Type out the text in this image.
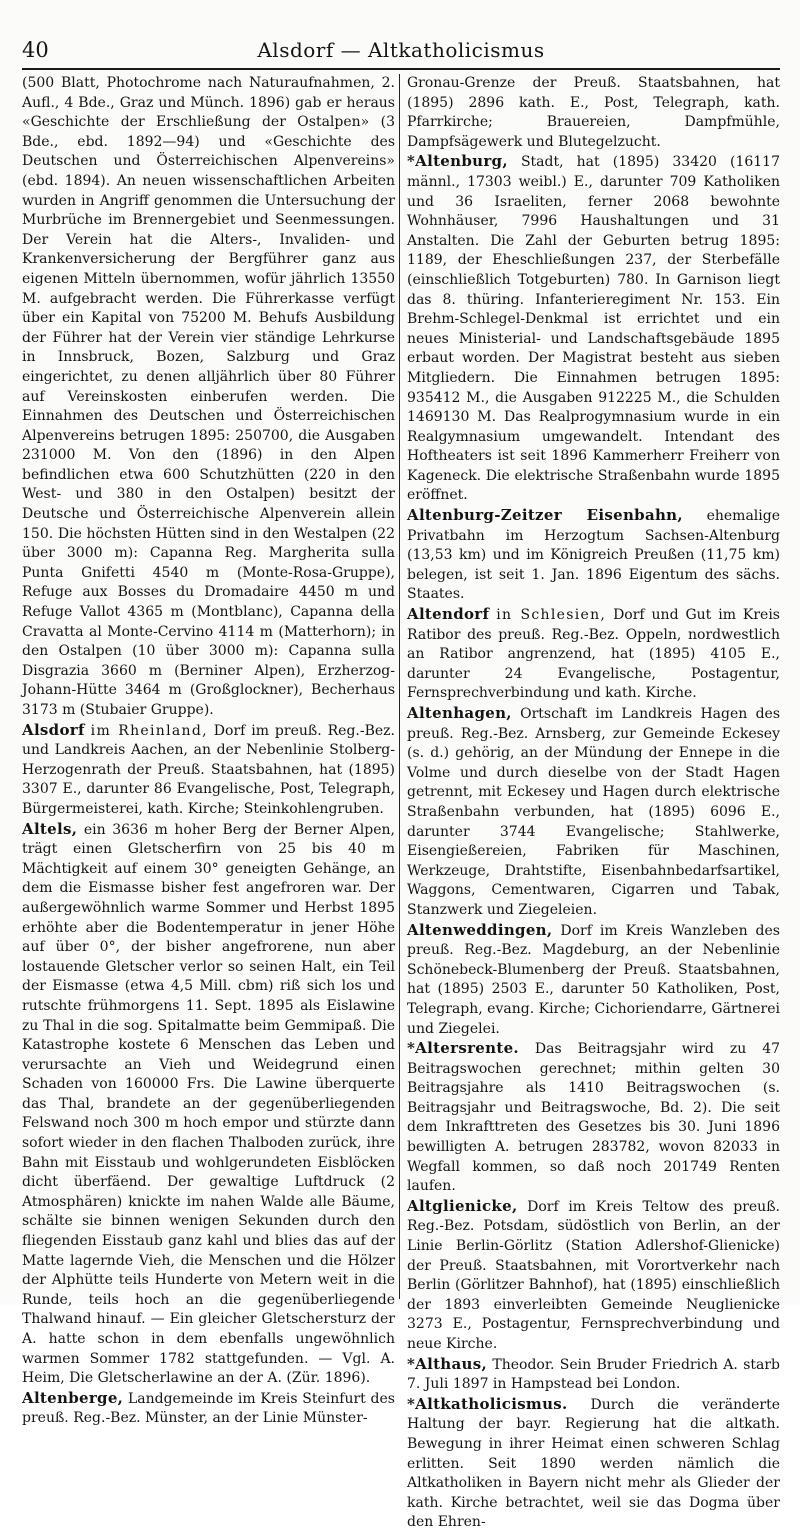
40	Alsdorf — Altkatholicismus

(500 Blatt, Photochrome nach Naturaufnahmen, 2. Aufl., 4 Bde., Graz und Münch. 1896) gab er heraus «Geschichte der Erschließung der Ostalpen» (3 Bde., ebd. 1892—94) und «Geschichte des Deutschen und Österreichischen Alpenvereins» (ebd. 1894). An neuen wissenschaftlichen Arbeiten wurden in Angriff genommen die Untersuchung der Murbrüche im Brennergebiet und Seenmessungen. Der Verein hat die Alters-, Invaliden- und Krankenversicherung der Bergführer ganz aus eigenen Mitteln übernommen, wofür jährlich 13550 M. aufgebracht werden. Die Führerkasse verfügt über ein Kapital von 75200 M. Behufs Ausbildung der Führer hat der Verein vier ständige Lehrkurse in Innsbruck, Bozen, Salzburg und Graz eingerichtet, zu denen alljährlich über 80 Führer auf Vereinskosten einberufen werden. Die Einnahmen des Deutschen und Österreichischen Alpenvereins betrugen 1895: 250700, die Ausgaben 231000 M. Von den (1896) in den Alpen befindlichen etwa 600 Schutzhütten (220 in den West- und 380 in den Ostalpen) besitzt der Deutsche und Österreichische Alpenverein allein 150. Die höchsten Hütten sind in den Westalpen (22 über 3000 m): Capanna Reg. Margherita sulla Punta Gnifetti 4540 m (Monte-Rosa-Gruppe), Refuge aux Bosses du Dromadaire 4450 m und Refuge Vallot 4365 m (Montblanc), Capanna della Cravatta al Monte-Cervino 4114 m (Matterhorn); in den Ostalpen (10 über 3000 m): Capanna sulla Disgrazia 3660 m (Berniner Alpen), Erzherzog-Johann-Hütte 3464 m (Großglockner), Becherhaus 3173 m (Stubaier Gruppe).

Alsdorf im Rheinland, Dorf im preuß. Reg.-Bez. und Landkreis Aachen, an der Nebenlinie Stolberg-Herzogenrath der Preuß. Staatsbahnen, hat (1895) 3307 E., darunter 86 Evangelische, Post, Telegraph, Bürgermeisterei, kath. Kirche; Steinkohlengruben.

Altels, ein 3636 m hoher Berg der Berner Alpen, trägt einen Gletscherfirn von 25 bis 40 m Mächtigkeit auf einem 30° geneigten Gehänge, an dem die Eismasse bisher fest angefroren war. Der außergewöhnlich warme Sommer und Herbst 1895 erhöhte aber die Bodentemperatur in jener Höhe auf über 0°, der bisher angefrorene, nun aber lostauende Gletscher verlor so seinen Halt, ein Teil der Eismasse (etwa 4,5 Mill. cbm) riß sich los und rutschte frühmorgens 11. Sept. 1895 als Eislawine zu Thal in die sog. Spitalmatte beim Gemmipaß. Die Katastrophe kostete 6 Menschen das Leben und verursachte an Vieh und Weidegrund einen Schaden von 160000 Frs. Die Lawine überquerte das Thal, brandete an der gegenüberliegenden Felswand noch 300 m hoch empor und stürzte dann sofort wieder in den flachen Thalboden zurück, ihre Bahn mit Eisstaub und wohlgerundeten Eisblöcken dicht überfäend. Der gewaltige Luftdruck (2 Atmosphären) knickte im nahen Walde alle Bäume, schälte sie binnen wenigen Sekunden durch den fliegenden Eisstaub ganz kahl und blies das auf der Matte lagernde Vieh, die Menschen und die Hölzer der Alphütte teils Hunderte von Metern weit in die Runde, teils hoch an die gegenüberliegende Thalwand hinauf. — Ein gleicher Gletschersturz der A. hatte schon in dem ebenfalls ungewöhnlich warmen Sommer 1782 stattgefunden. — Vgl. A. Heim, Die Gletscherlawine an der A. (Zür. 1896).

Altenberge, Landgemeinde im Kreis Steinfurt des preuß. Reg.-Bez. Münster, an der Linie Münster-

Gronau-Grenze der Preuß. Staatsbahnen, hat (1895) 2896 kath. E., Post, Telegraph, kath. Pfarrkirche; Brauereien, Dampfmühle, Dampfsägewerk und Blutegelzucht.

*Altenburg, Stadt, hat (1895) 33420 (16117 männl., 17303 weibl.) E., darunter 709 Katholiken und 36 Israeliten, ferner 2068 bewohnte Wohnhäuser, 7996 Haushaltungen und 31 Anstalten. Die Zahl der Geburten betrug 1895: 1189, der Eheschließungen 237, der Sterbefälle (einschließlich Totgeburten) 780. In Garnison liegt das 8. thüring. Infanterieregiment Nr. 153. Ein Brehm-Schlegel-Denkmal ist errichtet und ein neues Ministerial- und Landschaftsgebäude 1895 erbaut worden. Der Magistrat besteht aus sieben Mitgliedern. Die Einnahmen betrugen 1895: 935412 M., die Ausgaben 912225 M., die Schulden 1469130 M. Das Realprogymnasium wurde in ein Realgymnasium umgewandelt. Intendant des Hoftheaters ist seit 1896 Kammerherr Freiherr von Kageneck. Die elektrische Straßenbahn wurde 1895 eröffnet.

Altenburg-Zeitzer Eisenbahn, ehemalige Privatbahn im Herzogtum Sachsen-Altenburg (13,53 km) und im Königreich Preußen (11,75 km) belegen, ist seit 1. Jan. 1896 Eigentum des sächs. Staates.

Altendorf in Schlesien, Dorf und Gut im Kreis Ratibor des preuß. Reg.-Bez. Oppeln, nordwestlich an Ratibor angrenzend, hat (1895) 4105 E., darunter 24 Evangelische, Postagentur, Fernsprechverbindung und kath. Kirche.

Altenhagen, Ortschaft im Landkreis Hagen des preuß. Reg.-Bez. Arnsberg, zur Gemeinde Eckesey (s. d.) gehörig, an der Mündung der Ennepe in die Volme und durch dieselbe von der Stadt Hagen getrennt, mit Eckesey und Hagen durch elektrische Straßenbahn verbunden, hat (1895) 6096 E., darunter 3744 Evangelische; Stahlwerke, Eisengießereien, Fabriken für Maschinen, Werkzeuge, Drahtstifte, Eisenbahnbedarfsartikel, Waggons, Cementwaren, Cigarren und Tabak, Stanzwerk und Ziegeleien.

Altenweddingen, Dorf im Kreis Wanzleben des preuß. Reg.-Bez. Magdeburg, an der Nebenlinie Schönebeck-Blumenberg der Preuß. Staatsbahnen, hat (1895) 2503 E., darunter 50 Katholiken, Post, Telegraph, evang. Kirche; Cichoriendarre, Gärtnerei und Ziegelei.

*Altersrente. Das Beitragsjahr wird zu 47 Beitragswochen gerechnet; mithin gelten 30 Beitragsjahre als 1410 Beitragswochen (s. Beitragsjahr und Beitragswoche, Bd. 2). Die seit dem Inkrafttreten des Gesetzes bis 30. Juni 1896 bewilligten A. betrugen 283782, wovon 82033 in Wegfall kommen, so daß noch 201749 Renten laufen.

Altglienicke, Dorf im Kreis Teltow des preuß. Reg.-Bez. Potsdam, südöstlich von Berlin, an der Linie Berlin-Görlitz (Station Adlershof-Glienicke) der Preuß. Staatsbahnen, mit Vorortverkehr nach Berlin (Görlitzer Bahnhof), hat (1895) einschließlich der 1893 einverleibten Gemeinde Neuglienicke 3273 E., Postagentur, Fernsprechverbindung und neue Kirche.

*Althaus, Theodor. Sein Bruder Friedrich A. starb 7. Juli 1897 in Hampstead bei London.

*Altkatholicismus. Durch die veränderte Haltung der bayr. Regierung hat die altkath. Bewegung in ihrer Heimat einen schweren Schlag erlitten. Seit 1890 werden nämlich die Altkatholiken in Bayern nicht mehr als Glieder der kath. Kirche betrachtet, weil sie das Dogma über den Ehren-
